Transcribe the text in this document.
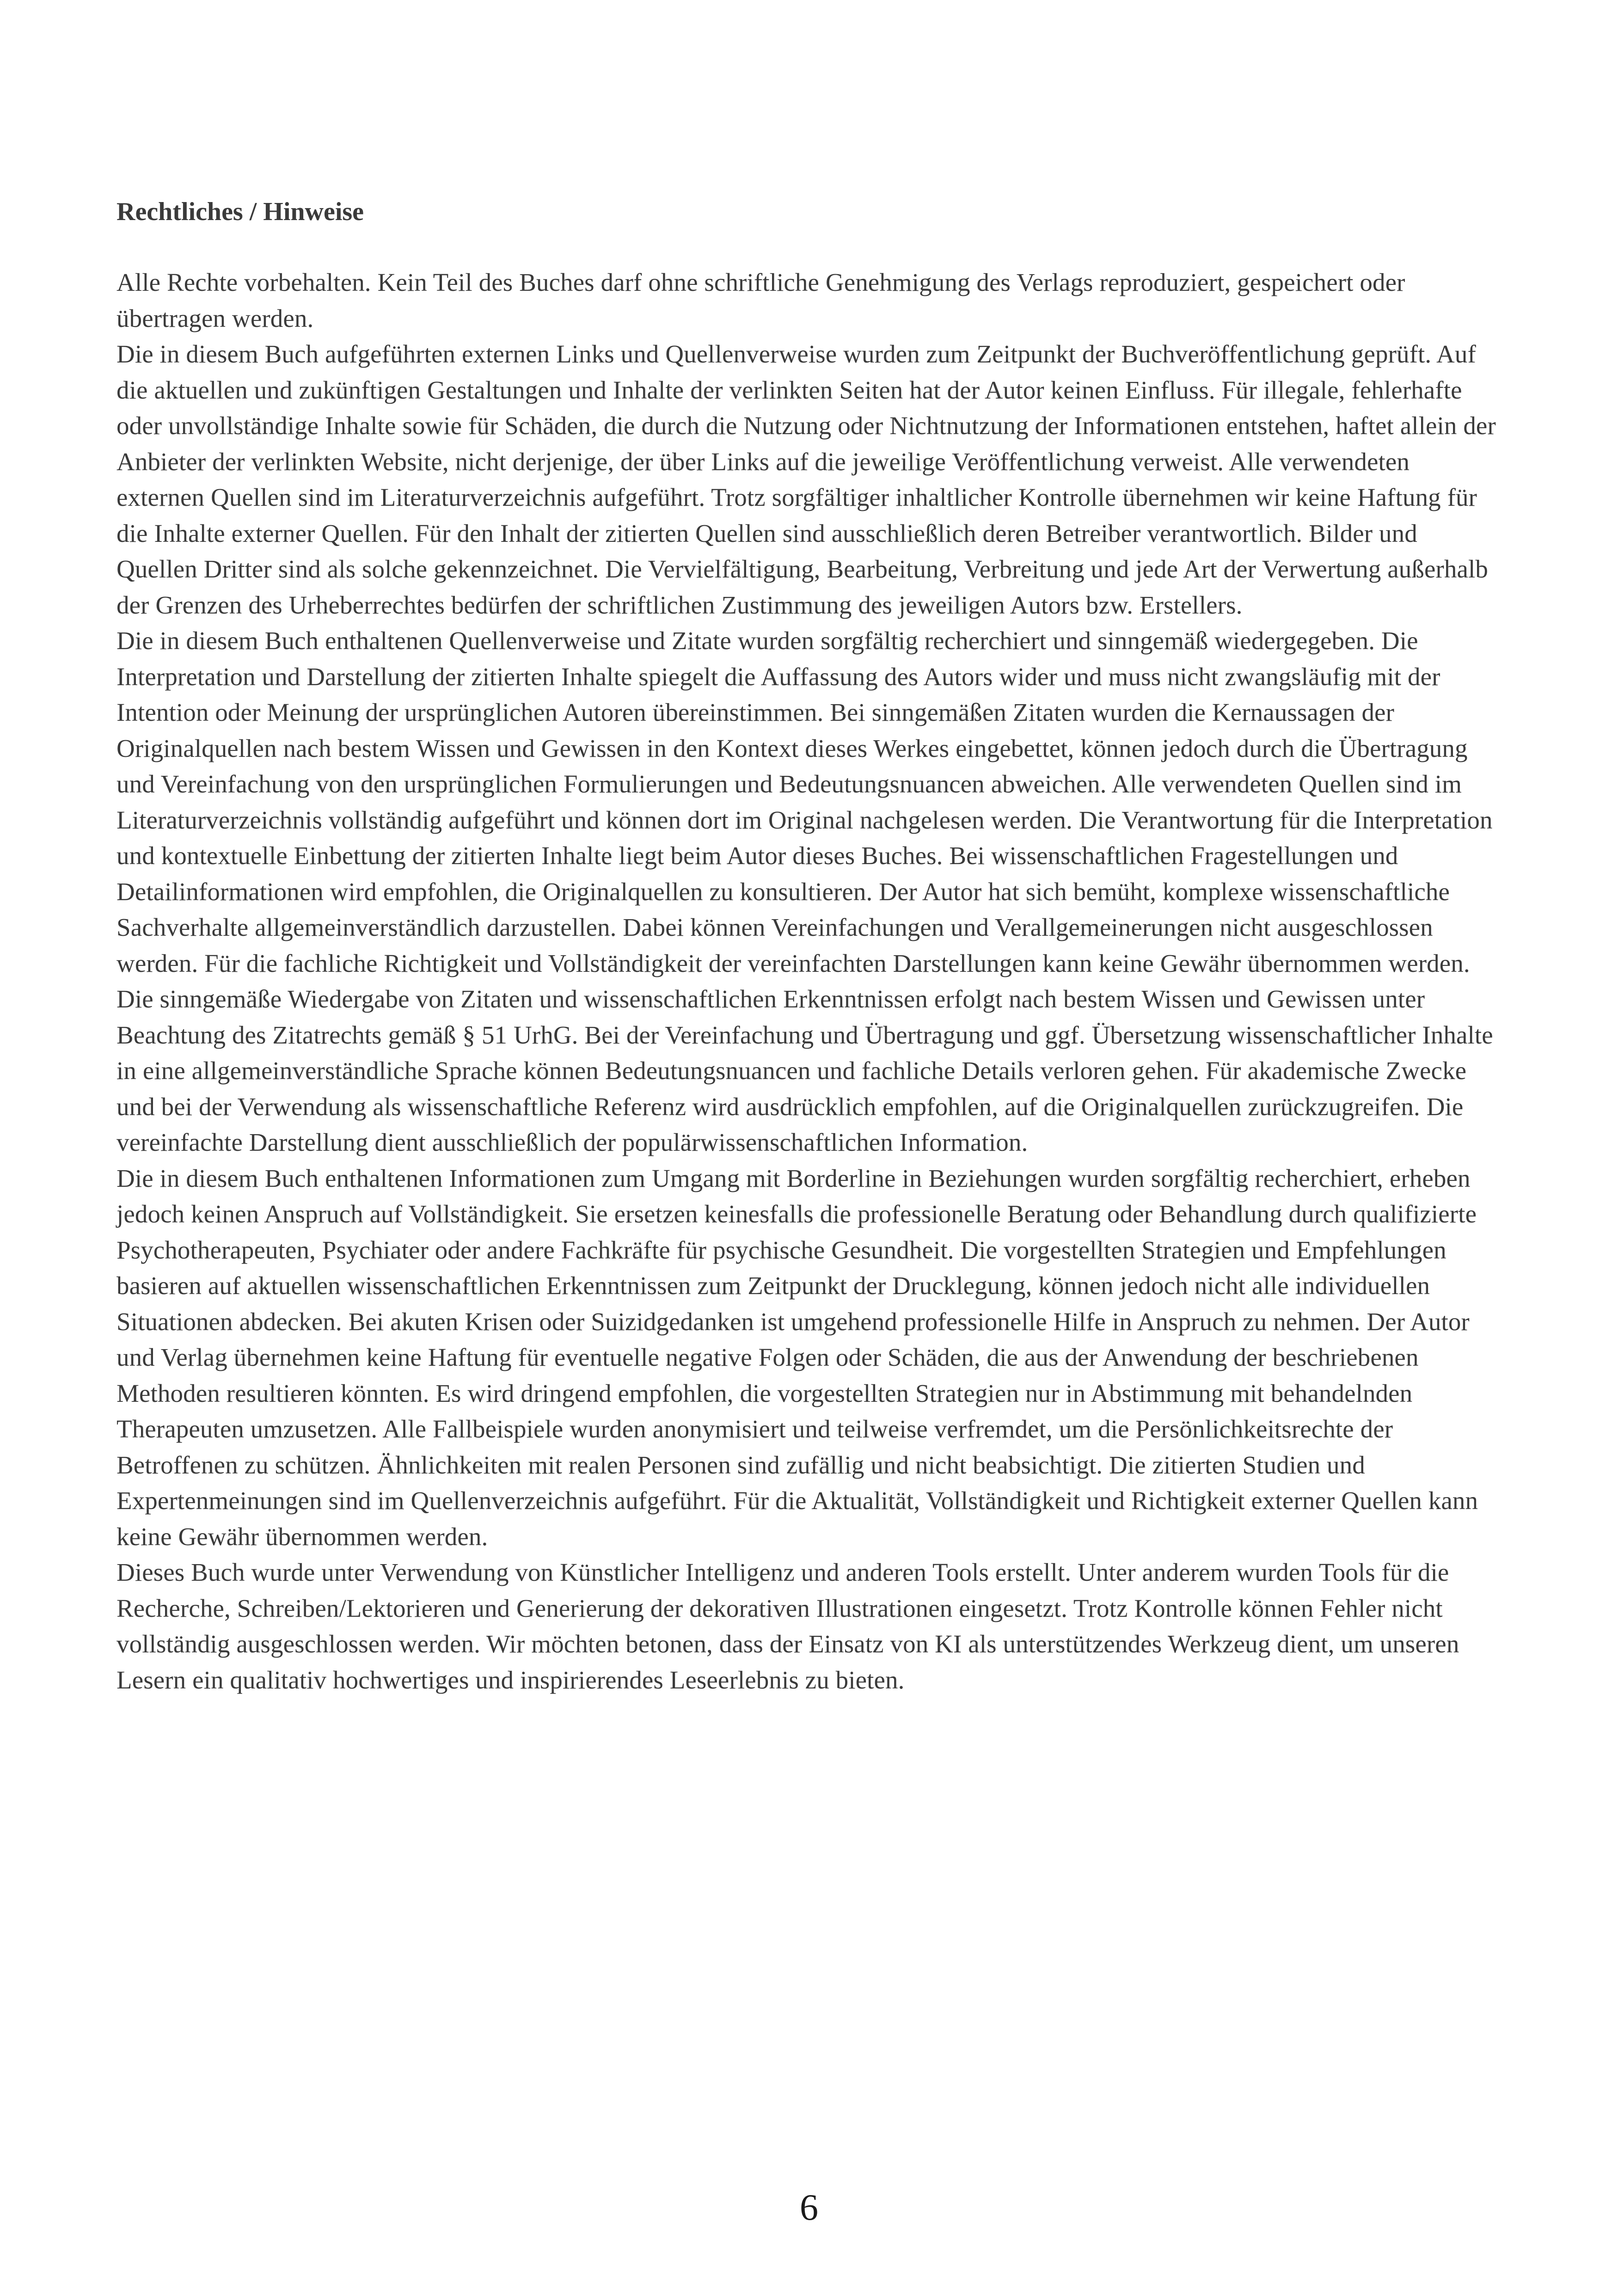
Rechtliches / Hinweise

Alle Rechte vorbehalten. Kein Teil des Buches darf ohne schriftliche Genehmigung des Verlags reproduziert, gespeichert oder übertragen werden.

Die in diesem Buch aufgeführten externen Links und Quellenverweise wurden zum Zeitpunkt der Buchveröffentlichung geprüft. Auf die aktuellen und zukünftigen Gestaltungen und Inhalte der verlinkten Seiten hat der Autor keinen Einfluss. Für illegale, fehlerhafte oder unvollständige Inhalte sowie für Schäden, die durch die Nutzung oder Nichtnutzung der Informationen entstehen, haftet allein der Anbieter der verlinkten Website, nicht derjenige, der über Links auf die jeweilige Veröffentlichung verweist. Alle verwendeten externen Quellen sind im Literaturverzeichnis aufgeführt. Trotz sorgfältiger inhaltlicher Kontrolle übernehmen wir keine Haftung für die Inhalte externer Quellen. Für den Inhalt der zitierten Quellen sind ausschließlich deren Betreiber verantwortlich. Bilder und Quellen Dritter sind als solche gekennzeichnet. Die Vervielfältigung, Bearbeitung, Verbreitung und jede Art der Verwertung außerhalb der Grenzen des Urheberrechtes bedürfen der schriftlichen Zustimmung des jeweiligen Autors bzw. Erstellers.

Die in diesem Buch enthaltenen Quellenverweise und Zitate wurden sorgfältig recherchiert und sinngemäß wiedergegeben. Die Interpretation und Darstellung der zitierten Inhalte spiegelt die Auffassung des Autors wider und muss nicht zwangsläufig mit der Intention oder Meinung der ursprünglichen Autoren übereinstimmen. Bei sinngemäßen Zitaten wurden die Kernaussagen der Originalquellen nach bestem Wissen und Gewissen in den Kontext dieses Werkes eingebettet, können jedoch durch die Übertragung und Vereinfachung von den ursprünglichen Formulierungen und Bedeutungsnuancen abweichen. Alle verwendeten Quellen sind im Literaturverzeichnis vollständig aufgeführt und können dort im Original nachgelesen werden. Die Verantwortung für die Interpretation und kontextuelle Einbettung der zitierten Inhalte liegt beim Autor dieses Buches. Bei wissenschaftlichen Fragestellungen und Detailinformationen wird empfohlen, die Originalquellen zu konsultieren. Der Autor hat sich bemüht, komplexe wissenschaftliche Sachverhalte allgemeinverständlich darzustellen. Dabei können Vereinfachungen und Verallgemeinerungen nicht ausgeschlossen werden. Für die fachliche Richtigkeit und Vollständigkeit der vereinfachten Darstellungen kann keine Gewähr übernommen werden. Die sinngemäße Wiedergabe von Zitaten und wissenschaftlichen Erkenntnissen erfolgt nach bestem Wissen und Gewissen unter Beachtung des Zitatrechts gemäß § 51 UrhG. Bei der Vereinfachung und Übertragung und ggf. Übersetzung wissenschaftlicher Inhalte in eine allgemeinverständliche Sprache können Bedeutungsnuancen und fachliche Details verloren gehen. Für akademische Zwecke und bei der Verwendung als wissenschaftliche Referenz wird ausdrücklich empfohlen, auf die Originalquellen zurückzugreifen. Die vereinfachte Darstellung dient ausschließlich der populärwissenschaftlichen Information.

Die in diesem Buch enthaltenen Informationen zum Umgang mit Borderline in Beziehungen wurden sorgfältig recherchiert, erheben jedoch keinen Anspruch auf Vollständigkeit. Sie ersetzen keinesfalls die professionelle Beratung oder Behandlung durch qualifizierte Psychotherapeuten, Psychiater oder andere Fachkräfte für psychische Gesundheit. Die vorgestellten Strategien und Empfehlungen basieren auf aktuellen wissenschaftlichen Erkenntnissen zum Zeitpunkt der Drucklegung, können jedoch nicht alle individuellen Situationen abdecken. Bei akuten Krisen oder Suizidgedanken ist umgehend professionelle Hilfe in Anspruch zu nehmen. Der Autor und Verlag übernehmen keine Haftung für eventuelle negative Folgen oder Schäden, die aus der Anwendung der beschriebenen Methoden resultieren könnten. Es wird dringend empfohlen, die vorgestellten Strategien nur in Abstimmung mit behandelnden Therapeuten umzusetzen. Alle Fallbeispiele wurden anonymisiert und teilweise verfremdet, um die Persönlichkeitsrechte der Betroffenen zu schützen. Ähnlichkeiten mit realen Personen sind zufällig und nicht beabsichtigt. Die zitierten Studien und Expertenmeinungen sind im Quellenverzeichnis aufgeführt. Für die Aktualität, Vollständigkeit und Richtigkeit externer Quellen kann keine Gewähr übernommen werden.

Dieses Buch wurde unter Verwendung von Künstlicher Intelligenz und anderen Tools erstellt. Unter anderem wurden Tools für die Recherche, Schreiben/Lektorieren und Generierung der dekorativen Illustrationen eingesetzt. Trotz Kontrolle können Fehler nicht vollständig ausgeschlossen werden. Wir möchten betonen, dass der Einsatz von KI als unterstützendes Werkzeug dient, um unseren Lesern ein qualitativ hochwertiges und inspirierendes Leseerlebnis zu bieten.

6
